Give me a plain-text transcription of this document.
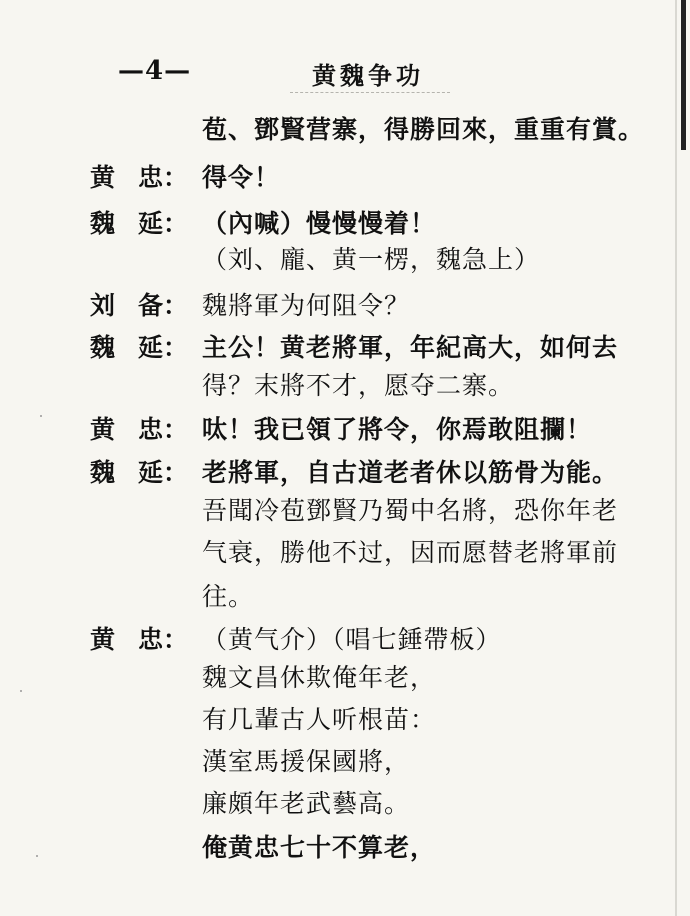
—4—	黄魏争功
苞、鄧賢营寨，得勝回來，重重有賞。
黄 忠： 得令！
魏 延： （內喊）慢慢慢着！
（刘、龐、黄一楞，魏急上）
刘 备： 魏將軍为何阻令？
魏 延： 主公！黄老將軍，年紀高大，如何去
得？末將不才，愿夺二寨。
黄 忠： 呔！我已領了將令，你焉敢阻攔！
魏 延： 老將軍，自古道老者休以筋骨为能。
吾聞冷苞鄧賢乃蜀中名將，恐你年老
气衰，勝他不过，因而愿替老將軍前
往。
黄 忠： （黄气介）（唱七錘帶板）
魏文昌休欺俺年老，
有几輩古人听根苗：
漢室馬援保國將，
廉頗年老武藝高。
俺黄忠七十不算老，
